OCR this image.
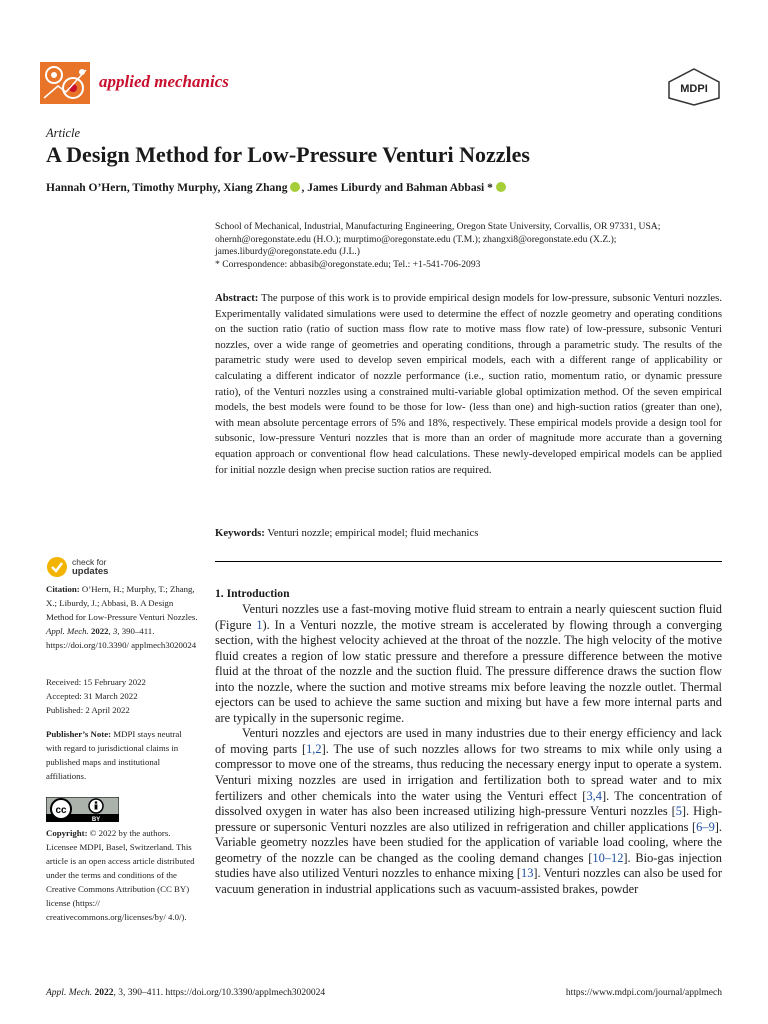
applied mechanics	MDPI
Article
A Design Method for Low-Pressure Venturi Nozzles
Hannah O’Hern, Timothy Murphy, Xiang Zhang , James Liburdy and Bahman Abbasi *
School of Mechanical, Industrial, Manufacturing Engineering, Oregon State University, Corvallis, OR 97331, USA;
ohernh@oregonstate.edu (H.O.); murptimo@oregonstate.edu (T.M.); zhangxi8@oregonstate.edu (X.Z.);
james.liburdy@oregonstate.edu (J.L.)
* Correspondence: abbasib@oregonstate.edu; Tel.: +1-541-706-2093
Abstract: The purpose of this work is to provide empirical design models for low-pressure, subsonic Venturi nozzles. Experimentally validated simulations were used to determine the effect of nozzle geometry and operating conditions on the suction ratio (ratio of suction mass flow rate to motive mass flow rate) of low-pressure, subsonic Venturi nozzles, over a wide range of geometries and operating conditions, through a parametric study. The results of the parametric study were used to develop seven empirical models, each with a different range of applicability or calculating a different indicator of nozzle performance (i.e., suction ratio, momentum ratio, or dynamic pressure ratio), of the Venturi nozzles using a constrained multi-variable global optimization method. Of the seven empirical models, the best models were found to be those for low- (less than one) and high-suction ratios (greater than one), with mean absolute percentage errors of 5% and 18%, respectively. These empirical models provide a design tool for subsonic, low-pressure Venturi nozzles that is more than an order of magnitude more accurate than a governing equation approach or conventional flow head calculations. These newly-developed empirical models can be applied for initial nozzle design when precise suction ratios are required.
Keywords: Venturi nozzle; empirical model; fluid mechanics
1. Introduction

Venturi nozzles use a fast-moving motive fluid stream to entrain a nearly quiescent suction fluid (Figure 1). In a Venturi nozzle, the motive stream is accelerated by flowing through a converging section, with the highest velocity achieved at the throat of the nozzle. The high velocity of the motive fluid creates a region of low static pressure and therefore a pressure difference between the motive fluid at the throat of the nozzle and the suction fluid. The pressure difference draws the suction flow into the nozzle, where the suction and motive streams mix before leaving the nozzle outlet. Thermal ejectors can be used to achieve the same suction and mixing but have a few more internal parts and are typically in the supersonic regime.

Venturi nozzles and ejectors are used in many industries due to their energy efficiency and lack of moving parts [1,2]. The use of such nozzles allows for two streams to mix while only using a compressor to move one of the streams, thus reducing the necessary energy input to operate a system. Venturi mixing nozzles are used in irrigation and fertilization both to spread water and to mix fertilizers and other chemicals into the water using the Venturi effect [3,4]. The concentration of dissolved oxygen in water has also been increased utilizing high-pressure Venturi nozzles [5]. High-pressure or supersonic Venturi nozzles are also utilized in refrigeration and chiller applications [6–9]. Variable geometry nozzles have been studied for the application of variable load cooling, where the geometry of the nozzle can be changed as the cooling demand changes [10–12]. Bio-gas injection studies have also utilized Venturi nozzles to enhance mixing [13]. Venturi nozzles can also be used for vacuum generation in industrial applications such as vacuum-assisted brakes, powder

check for
updates
Citation: O’Hern, H.; Murphy, T.; Zhang, X.; Liburdy, J.; Abbasi, B. A Design Method for Low-Pressure Venturi Nozzles. Appl. Mech. 2022, 3, 390–411. https://doi.org/10.3390/ applmech3020024
Received: 15 February 2022
Accepted: 31 March 2022
Published: 2 April 2022
Publisher’s Note: MDPI stays neutral with regard to jurisdictional claims in published maps and institutional affiliations.
cc
BY
Copyright: © 2022 by the authors. Licensee MDPI, Basel, Switzerland. This article is an open access article distributed under the terms and conditions of the Creative Commons Attribution (CC BY) license (https:// creativecommons.org/licenses/by/ 4.0/).
Appl. Mech. 2022, 3, 390–411. https://doi.org/10.3390/applmech3020024	https://www.mdpi.com/journal/applmech
